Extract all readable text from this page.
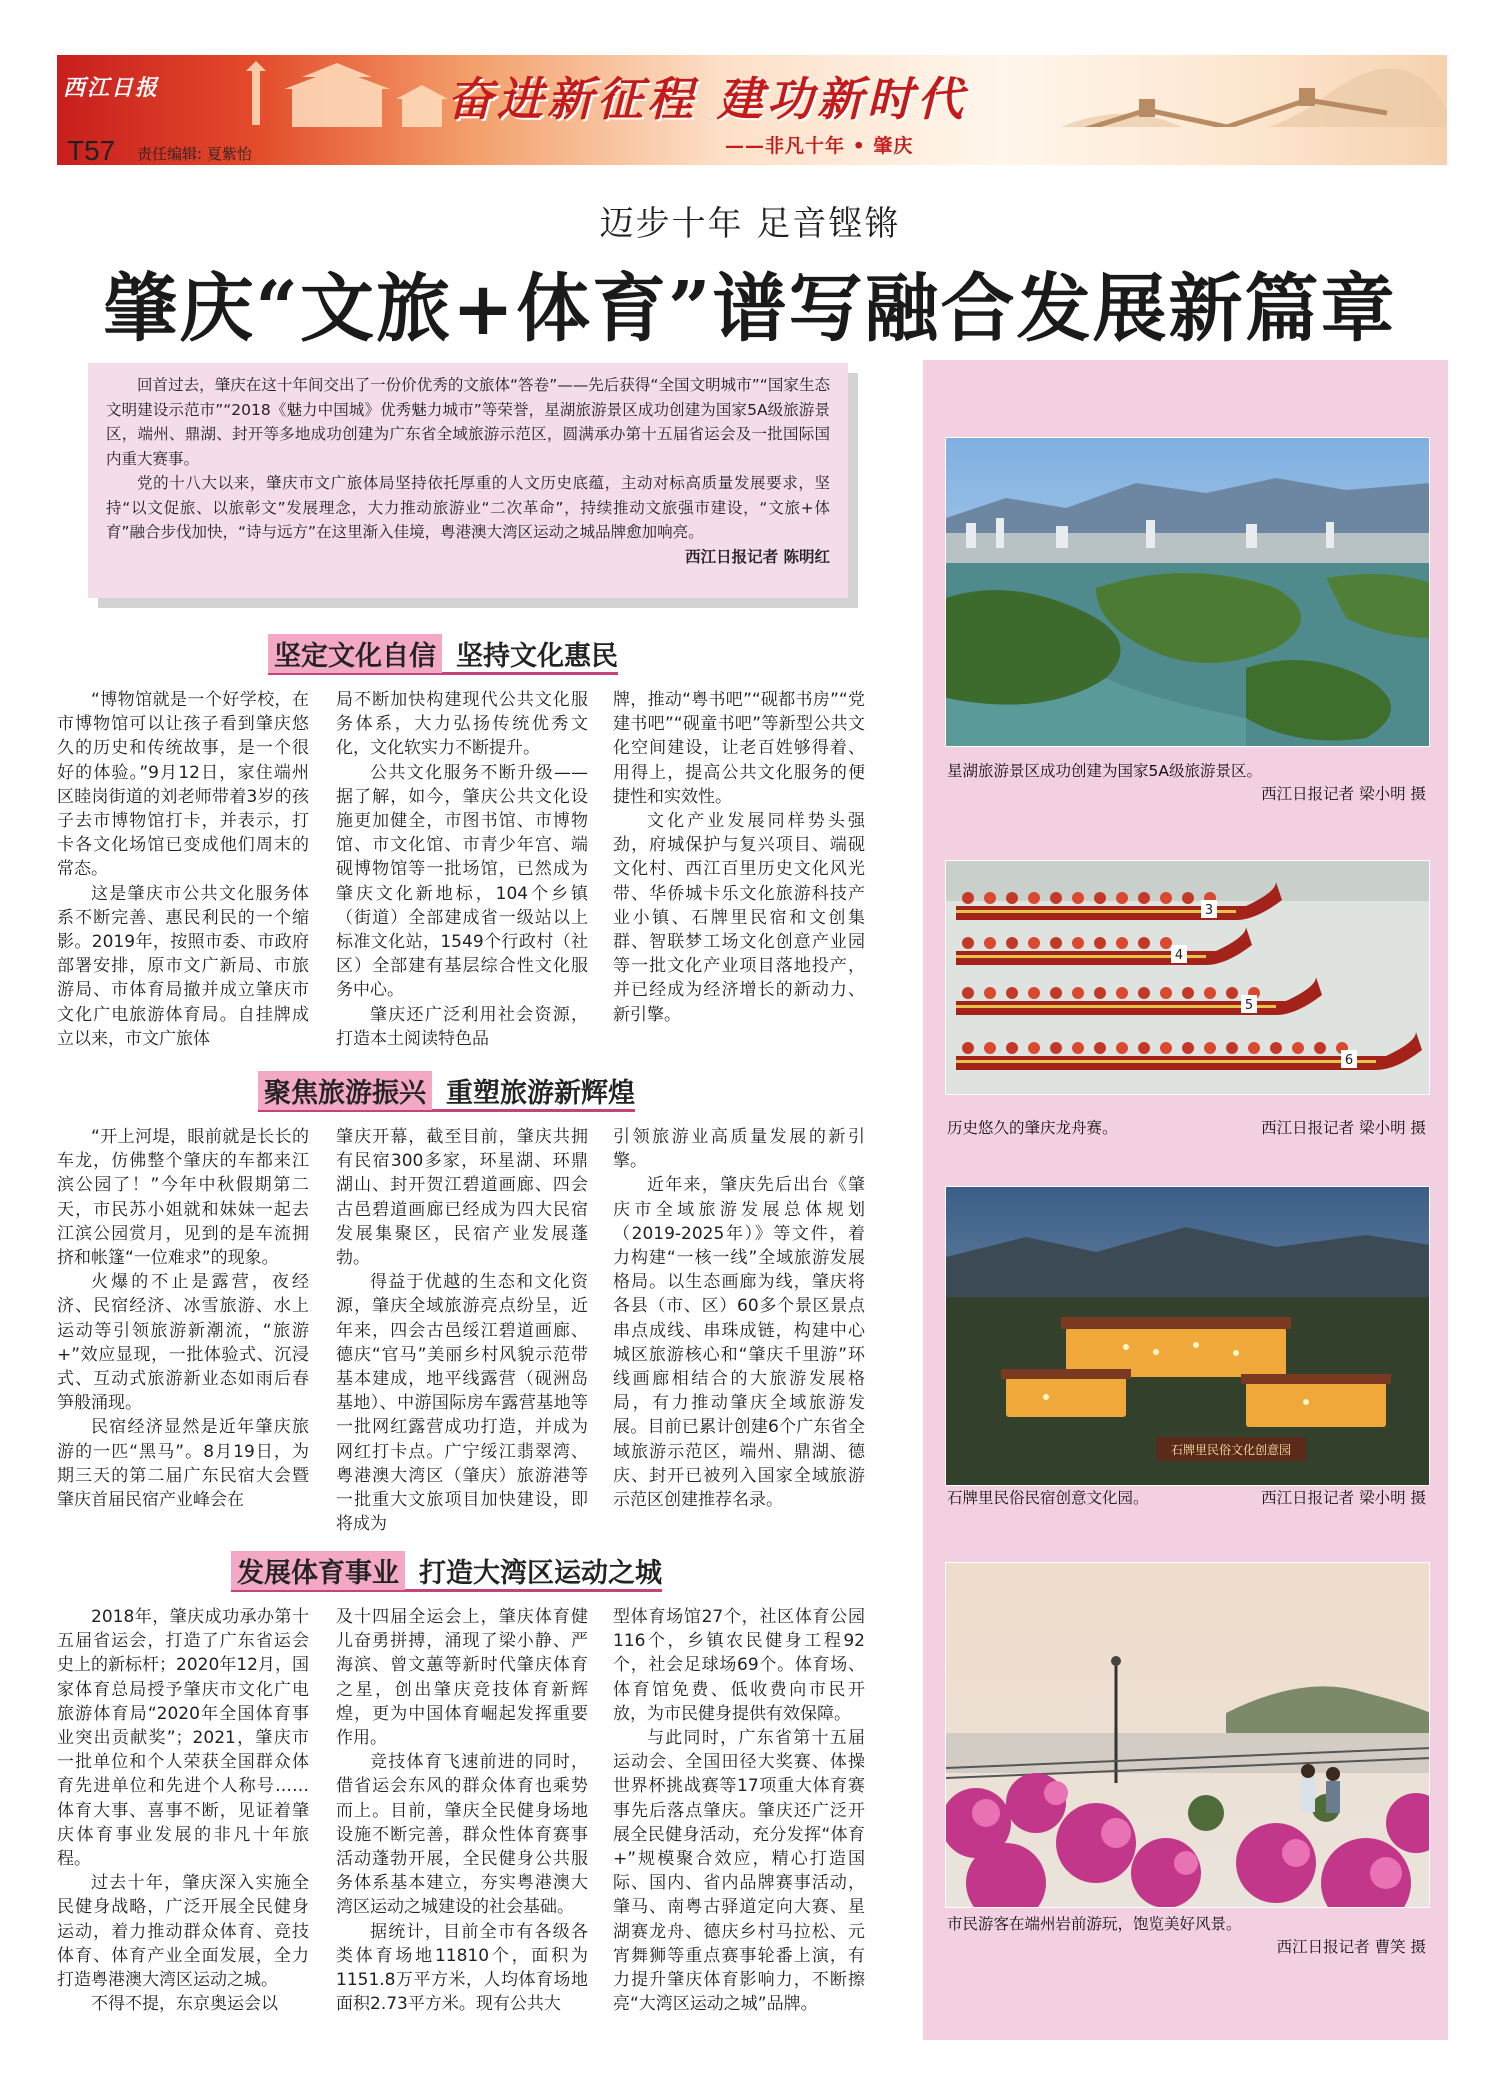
西江日报	奋进新征程 建功新时代
T57 责任编辑: 夏紫怡	——非凡十年 • 肇庆
迈步十年 足音铿锵
肇庆“文旅+体育”谱写融合发展新篇章

回首过去，肇庆在这十年间交出了一份价优秀的文旅体“答卷”——先后获得“全国文明城市”“国家生态文明建设示范市”“2018《魅力中国城》优秀魅力城市”等荣誉，星湖旅游景区成功创建为国家5A级旅游景区，端州、鼎湖、封开等多地成功创建为广东省全域旅游示范区，圆满承办第十五届省运会及一批国际国内重大赛事。

党的十八大以来，肇庆市文广旅体局坚持依托厚重的人文历史底蕴，主动对标高质量发展要求，坚持“以文促旅、以旅彰文”发展理念，大力推动旅游业“二次革命”，持续推动文旅强市建设，“文旅+体育”融合步伐加快，“诗与远方”在这里渐入佳境，粤港澳大湾区运动之城品牌愈加响亮。

西江日报记者 陈明红

星湖旅游景区成功创建为国家5A级旅游景区。
西江日报记者 梁小明 摄
3
4
5
6
历史悠久的肇庆龙舟赛。	西江日报记者 梁小明 摄
石牌里民俗文化创意园
石牌里民俗民宿创意文化园。	西江日报记者 梁小明 摄
市民游客在端州岩前游玩，饱览美好风景。
西江日报记者 曹笑 摄
坚定文化自信 坚持文化惠民

“博物馆就是一个好学校，在市博物馆可以让孩子看到肇庆悠久的历史和传统故事，是一个很好的体验。”9月12日，家住端州区睦岗街道的刘老师带着3岁的孩子去市博物馆打卡，并表示，打卡各文化场馆已变成他们周末的常态。

这是肇庆市公共文化服务体系不断完善、惠民利民的一个缩影。2019年，按照市委、市政府部署安排，原市文广新局、市旅游局、市体育局撤并成立肇庆市文化广电旅游体育局。自挂牌成立以来，市文广旅体

局不断加快构建现代公共文化服务体系，大力弘扬传统优秀文化，文化软实力不断提升。

公共文化服务不断升级——据了解，如今，肇庆公共文化设施更加健全，市图书馆、市博物馆、市文化馆、市青少年宫、端砚博物馆等一批场馆，已然成为肇庆文化新地标，104个乡镇（街道）全部建成省一级站以上标准文化站，1549个行政村（社区）全部建有基层综合性文化服务中心。

肇庆还广泛利用社会资源，打造本土阅读特色品

牌，推动“粤书吧”“砚都书房”“党建书吧”“砚童书吧”等新型公共文化空间建设，让老百姓够得着、用得上，提高公共文化服务的便捷性和实效性。

文化产业发展同样势头强劲，府城保护与复兴项目、端砚文化村、西江百里历史文化风光带、华侨城卡乐文化旅游科技产业小镇、石牌里民宿和文创集群、智联梦工场文化创意产业园等一批文化产业项目落地投产，并已经成为经济增长的新动力、新引擎。

聚焦旅游振兴 重塑旅游新辉煌

“开上河堤，眼前就是长长的车龙，仿佛整个肇庆的车都来江滨公园了！”今年中秋假期第二天，市民苏小姐就和妹妹一起去江滨公园赏月，见到的是车流拥挤和帐篷“一位难求”的现象。

火爆的不止是露营，夜经济、民宿经济、冰雪旅游、水上运动等引领旅游新潮流，“旅游+”效应显现，一批体验式、沉浸式、互动式旅游新业态如雨后春笋般涌现。

民宿经济显然是近年肇庆旅游的一匹“黑马”。8月19日，为期三天的第二届广东民宿大会暨肇庆首届民宿产业峰会在

肇庆开幕，截至目前，肇庆共拥有民宿300多家，环星湖、环鼎湖山、封开贺江碧道画廊、四会古邑碧道画廊已经成为四大民宿发展集聚区，民宿产业发展蓬勃。

得益于优越的生态和文化资源，肇庆全域旅游亮点纷呈，近年来，四会古邑绥江碧道画廊、德庆“官马”美丽乡村风貌示范带基本建成，地平线露营（砚洲岛基地）、中游国际房车露营基地等一批网红露营成功打造，并成为网红打卡点。广宁绥江翡翠湾、粤港澳大湾区（肇庆）旅游港等一批重大文旅项目加快建设，即将成为

引领旅游业高质量发展的新引擎。

近年来，肇庆先后出台《肇庆市全域旅游发展总体规划（2019-2025年）》等文件，着力构建“一核一线”全域旅游发展格局。以生态画廊为线，肇庆将各县（市、区）60多个景区景点串点成线、串珠成链，构建中心城区旅游核心和“肇庆千里游”环线画廊相结合的大旅游发展格局，有力推动肇庆全域旅游发展。目前已累计创建6个广东省全域旅游示范区，端州、鼎湖、德庆、封开已被列入国家全域旅游示范区创建推荐名录。

发展体育事业 打造大湾区运动之城

2018年，肇庆成功承办第十五届省运会，打造了广东省运会史上的新标杆；2020年12月，国家体育总局授予肇庆市文化广电旅游体育局“2020年全国体育事业突出贡献奖”；2021，肇庆市一批单位和个人荣获全国群众体育先进单位和先进个人称号……体育大事、喜事不断，见证着肇庆体育事业发展的非凡十年旅程。

过去十年，肇庆深入实施全民健身战略，广泛开展全民健身运动，着力推动群众体育、竞技体育、体育产业全面发展，全力打造粤港澳大湾区运动之城。

不得不提，东京奥运会以

及十四届全运会上，肇庆体育健儿奋勇拼搏，涌现了梁小静、严海滨、曾文蕙等新时代肇庆体育之星，创出肇庆竞技体育新辉煌，更为中国体育崛起发挥重要作用。

竞技体育飞速前进的同时，借省运会东风的群众体育也乘势而上。目前，肇庆全民健身场地设施不断完善，群众性体育赛事活动蓬勃开展，全民健身公共服务体系基本建立，夯实粤港澳大湾区运动之城建设的社会基础。

据统计，目前全市有各级各类体育场地11810个，面积为1151.8万平方米，人均体育场地面积2.73平方米。现有公共大

型体育场馆27个，社区体育公园116个，乡镇农民健身工程92个，社会足球场69个。体育场、体育馆免费、低收费向市民开放，为市民健身提供有效保障。

与此同时，广东省第十五届运动会、全国田径大奖赛、体操世界杯挑战赛等17项重大体育赛事先后落点肇庆。肇庆还广泛开展全民健身活动，充分发挥“体育+”规模聚合效应，精心打造国际、国内、省内品牌赛事活动，肇马、南粤古驿道定向大赛、星湖赛龙舟、德庆乡村马拉松、元宵舞狮等重点赛事轮番上演，有力提升肇庆体育影响力，不断擦亮“大湾区运动之城”品牌。
